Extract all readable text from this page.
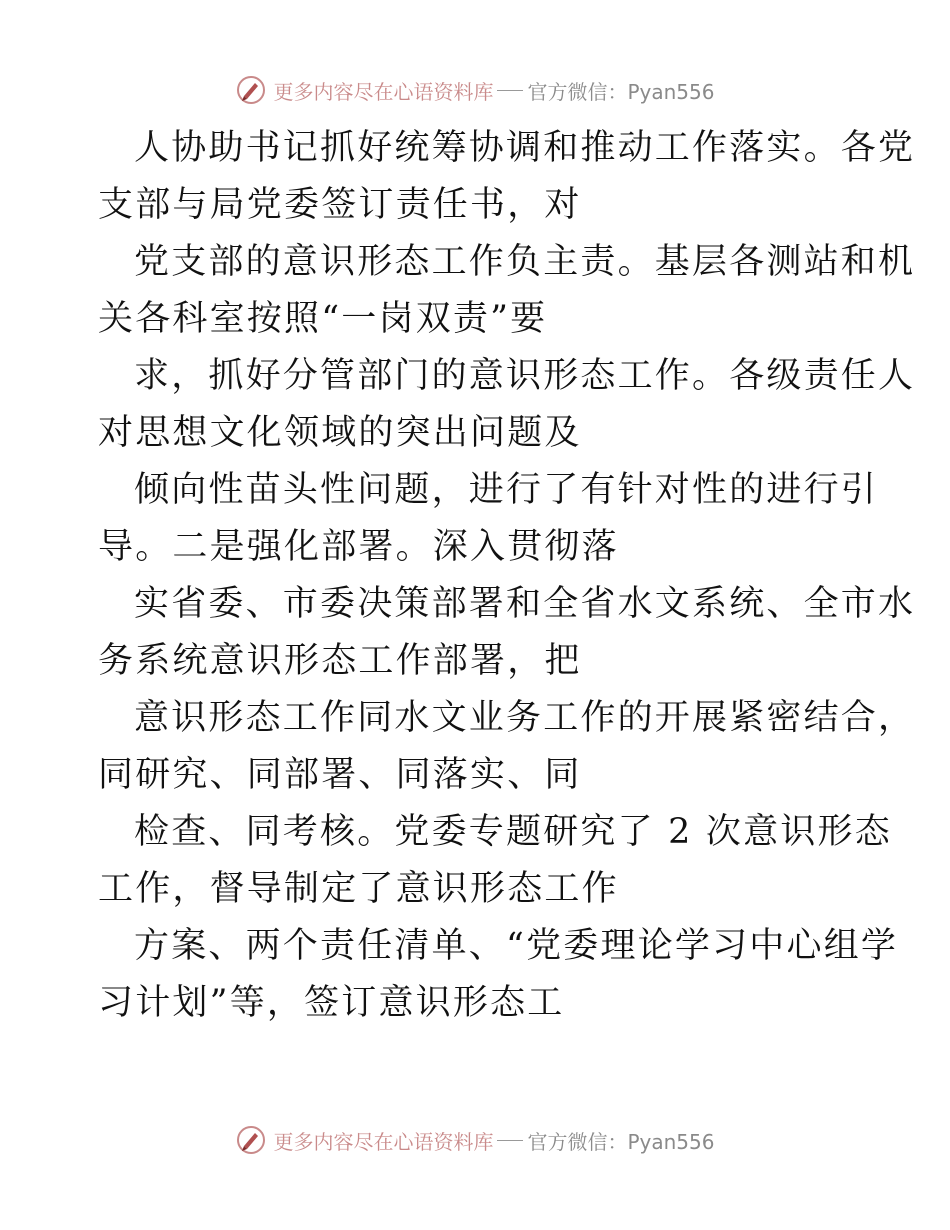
更多内容尽在心语资料库 官方微信：Pyan556
人协助书记抓好统筹协调和推动工作落实。各党
支部与局党委签订责任书，对
党支部的意识形态工作负主责。基层各测站和机
关各科室按照“一岗双责”要
求，抓好分管部门的意识形态工作。各级责任人
对思想文化领域的突出问题及
倾向性苗头性问题，进行了有针对性的进行引
导。二是强化部署。深入贯彻落
实省委、市委决策部署和全省水文系统、全市水
务系统意识形态工作部署，把
意识形态工作同水文业务工作的开展紧密结合，
同研究、同部署、同落实、同
检查、同考核。党委专题研究了 2 次意识形态
工作，督导制定了意识形态工作
方案、两个责任清单、“党委理论学习中心组学
习计划”等，签订意识形态工
更多内容尽在心语资料库 官方微信：Pyan556
